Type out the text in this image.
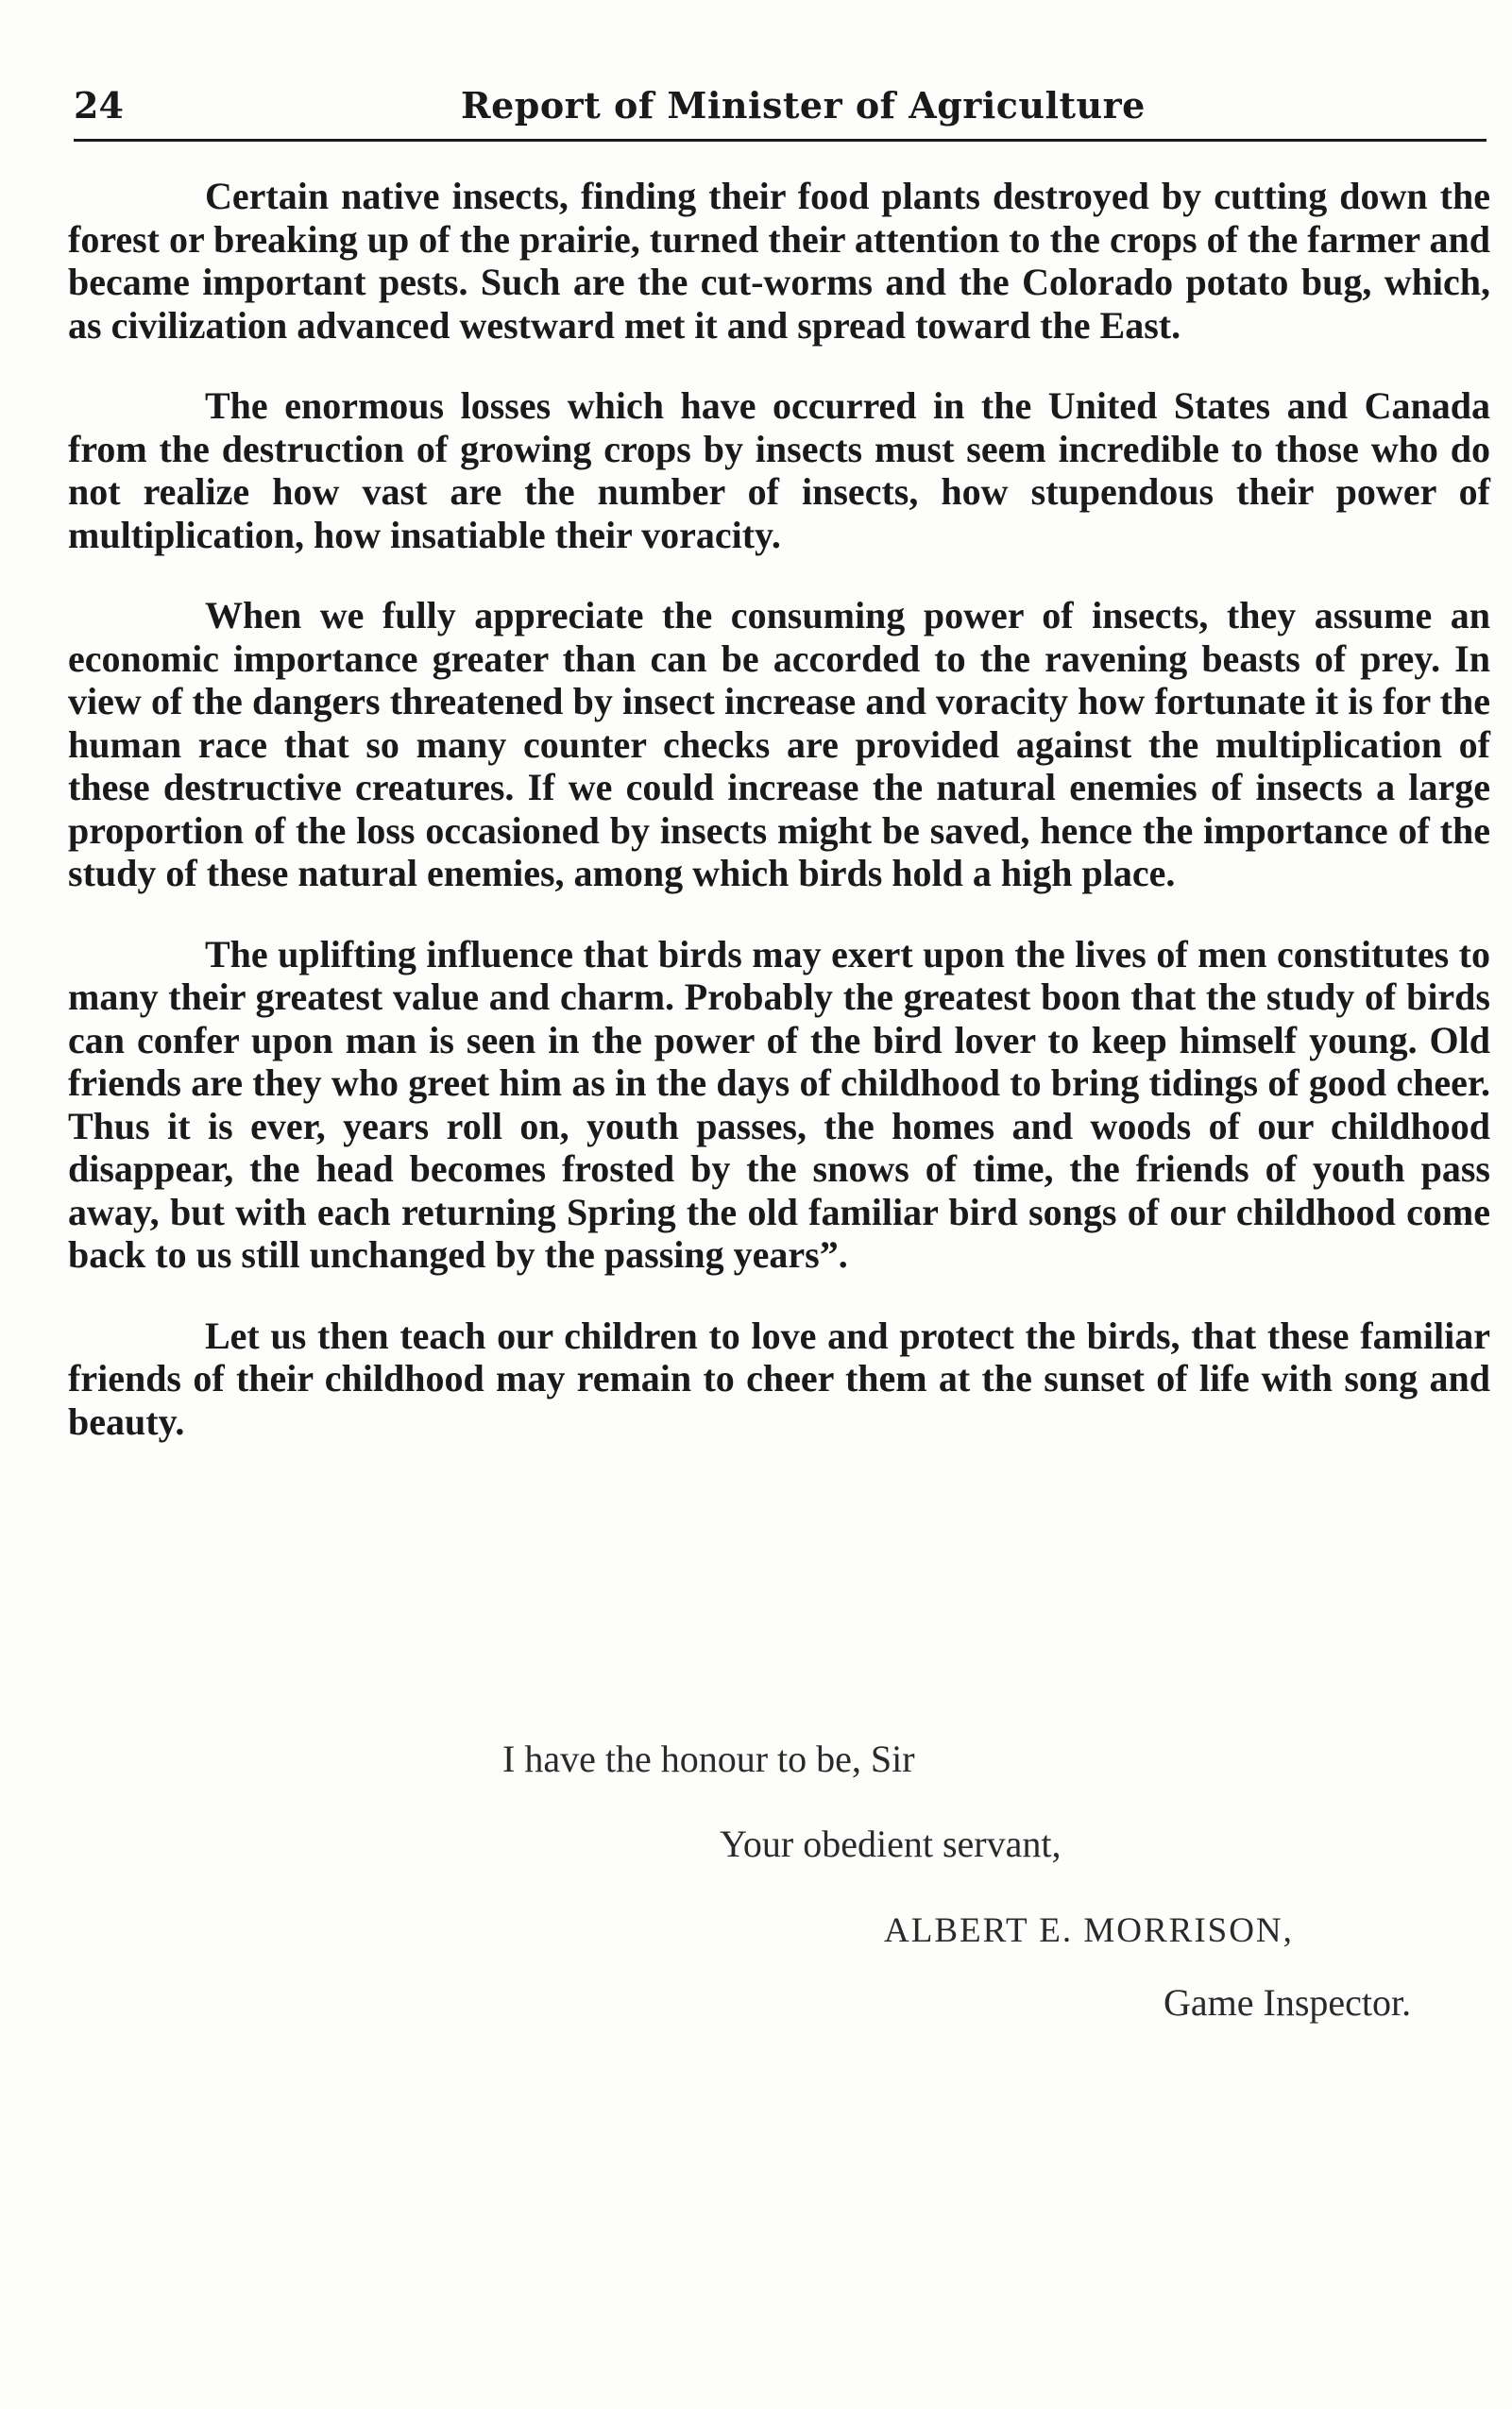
24	Report of Minister of Agriculture

Certain native insects, finding their food plants destroyed by cutting down the forest or breaking up of the prairie, turned their attention to the crops of the farmer and became important pests. Such are the cut-worms and the Colorado potato bug, which, as civilization advanced westward met it and spread toward the East.

The enormous losses which have occurred in the United States and Canada from the destruction of growing crops by insects must seem incredible to those who do not realize how vast are the number of insects, how stupendous their power of multiplication, how insatiable their voracity.

When we fully appreciate the consuming power of insects, they assume an economic importance greater than can be accorded to the ravening beasts of prey. In view of the dangers threatened by insect increase and voracity how fortunate it is for the human race that so many counter checks are provided against the multiplication of these destructive creatures. If we could increase the natural enemies of insects a large proportion of the loss occasioned by insects might be saved, hence the importance of the study of these natural enemies, among which birds hold a high place.

The uplifting influence that birds may exert upon the lives of men constitutes to many their greatest value and charm. Probably the greatest boon that the study of birds can confer upon man is seen in the power of the bird lover to keep himself young. Old friends are they who greet him as in the days of childhood to bring tidings of good cheer. Thus it is ever, years roll on, youth passes, the homes and woods of our childhood disappear, the head becomes frosted by the snows of time, the friends of youth pass away, but with each returning Spring the old familiar bird songs of our childhood come back to us still unchanged by the passing years”.

Let us then teach our children to love and protect the birds, that these familiar friends of their childhood may remain to cheer them at the sunset of life with song and beauty.

I have the honour to be, Sir
Your obedient servant,
ALBERT E. MORRISON,
Game Inspector.
